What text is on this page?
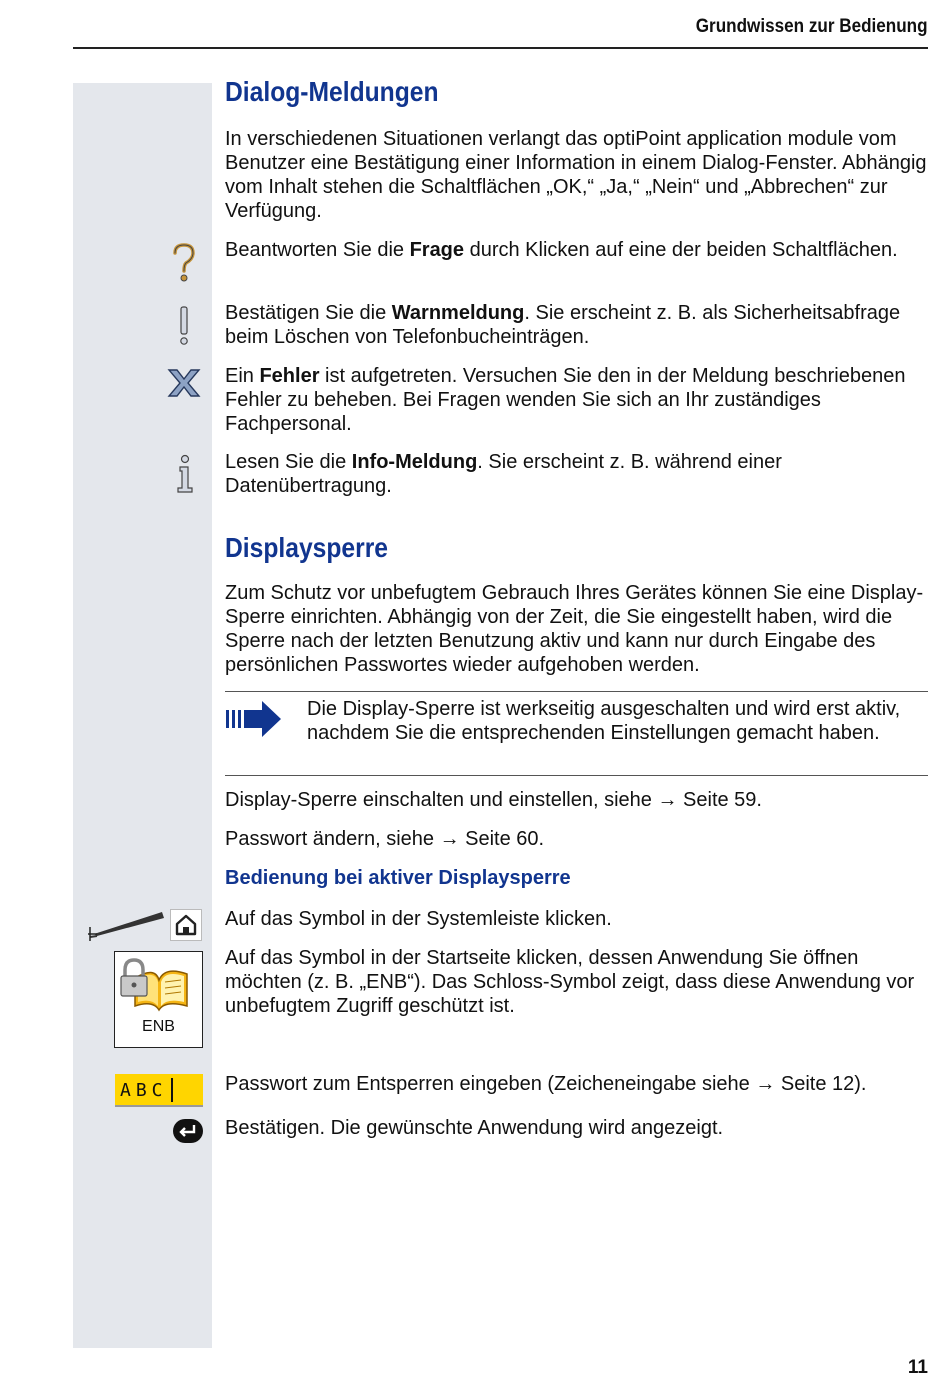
Grundwissen zur Bedienung
Dialog-Meldungen

In verschiedenen Situationen verlangt das optiPoint application module vom Benutzer eine Bestätigung einer Information in einem Dialog-Fenster. Abhängig vom Inhalt stehen die Schaltflächen „OK,“ „Ja,“ „Nein“ und „Abbrechen“ zur Verfügung.

Beantworten Sie die Frage durch Klicken auf eine der beiden Schaltflächen.

Bestätigen Sie die Warnmeldung. Sie erscheint z. B. als Sicherheitsabfrage beim Löschen von Telefonbucheinträgen.

Ein Fehler ist aufgetreten. Versuchen Sie den in der Meldung beschriebenen Fehler zu beheben. Bei Fragen wenden Sie sich an Ihr zuständiges Fachpersonal.

Lesen Sie die Info-Meldung. Sie erscheint z. B. während einer Datenübertragung.

Displaysperre

Zum Schutz vor unbefugtem Gebrauch Ihres Gerätes können Sie eine Display-Sperre einrichten. Abhängig von der Zeit, die Sie eingestellt haben, wird die Sperre nach der letzten Benutzung aktiv und kann nur durch Eingabe des persönlichen Passwortes wieder aufgehoben werden.

Die Display-Sperre ist werkseitig ausgeschalten und wird erst aktiv, nachdem Sie die entsprechenden Einstellungen gemacht haben.

Display-Sperre einschalten und einstellen, siehe → Seite 59.

Passwort ändern, siehe → Seite 60.

Bedienung bei aktiver Displaysperre

Auf das Symbol in der Systemleiste klicken.

ENB

Auf das Symbol in der Startseite klicken, dessen Anwendung Sie öffnen möchten (z. B. „ENB“). Das Schloss-Symbol zeigt, dass diese Anwendung vor unbefugtem Zugriff geschützt ist.

ABC	Passwort zum Entsperren eingeben (Zeicheneingabe siehe → Seite 12).

Bestätigen. Die gewünschte Anwendung wird angezeigt.

11
